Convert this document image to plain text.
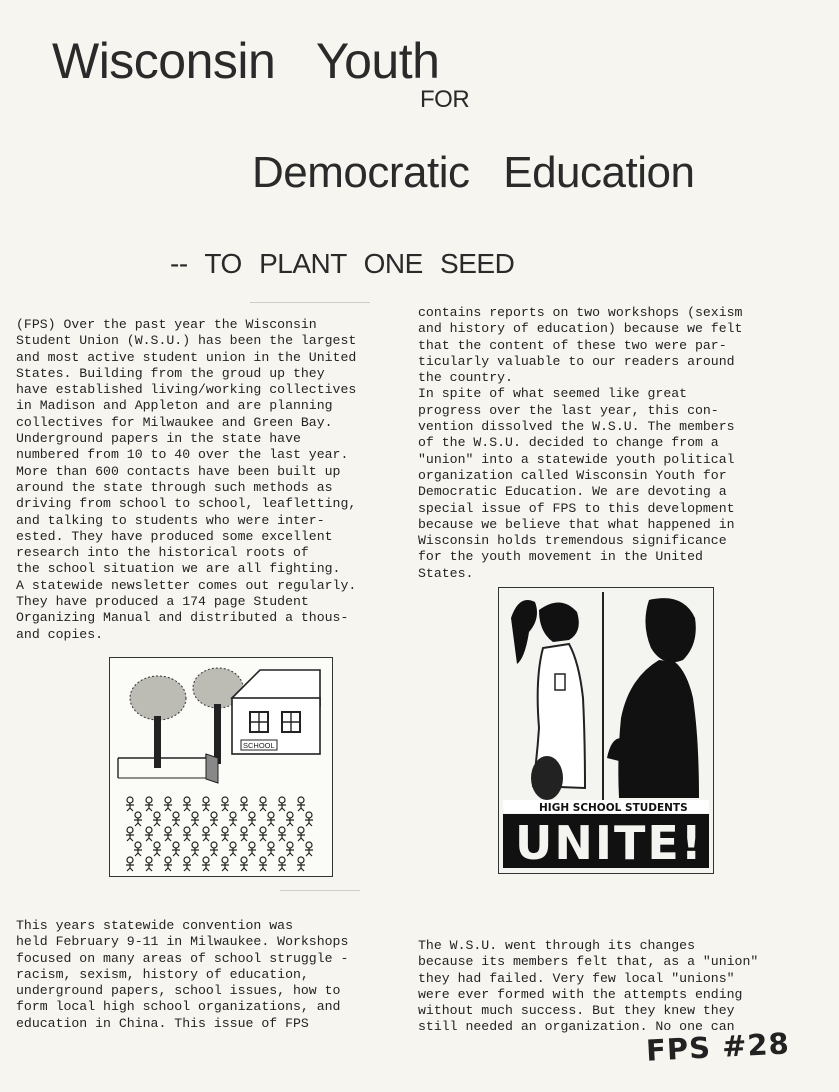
Wisconsin Youth
FOR
Democratic Education
-- TO PLANT ONE SEED
(FPS) Over the past year the Wisconsin
Student Union (W.S.U.) has been the largest
and most active student union in the United
States. Building from the groud up they
have established living/working collectives
in Madison and Appleton and are planning
collectives for Milwaukee and Green Bay.
Underground papers in the state have
numbered from 10 to 40 over the last year.
More than 600 contacts have been built up
around the state through such methods as
driving from school to school, leafletting,
and talking to students who were inter-
ested. They have produced some excellent
research into the historical roots of
the school situation we are all fighting.
A statewide newsletter comes out regularly.
They have produced a 174 page Student
Organizing Manual and distributed a thous-
and copies.
contains reports on two workshops (sexism
and history of education) because we felt
that the content of these two were par-
ticularly valuable to our readers around
the country.
In spite of what seemed like great
progress over the last year, this con-
vention dissolved the W.S.U. The members
of the W.S.U. decided to change from a
"union" into a statewide youth political
organization called Wisconsin Youth for
Democratic Education. We are devoting a
special issue of FPS to this development
because we believe that what happened in
Wisconsin holds tremendous significance
for the youth movement in the United
States.
SCHOOL
HIGH SCHOOL STUDENTS
UNITE!
This years statewide convention was
held February 9-11 in Milwaukee. Workshops
focused on many areas of school struggle -
racism, sexism, history of education,
underground papers, school issues, how to
form local high school organizations, and
education in China. This issue of FPS
The W.S.U. went through its changes
because its members felt that, as a "union"
they had failed. Very few local "unions"
were ever formed with the attempts ending
without much success. But they knew they
still needed an organization. No one can
FPS #28
